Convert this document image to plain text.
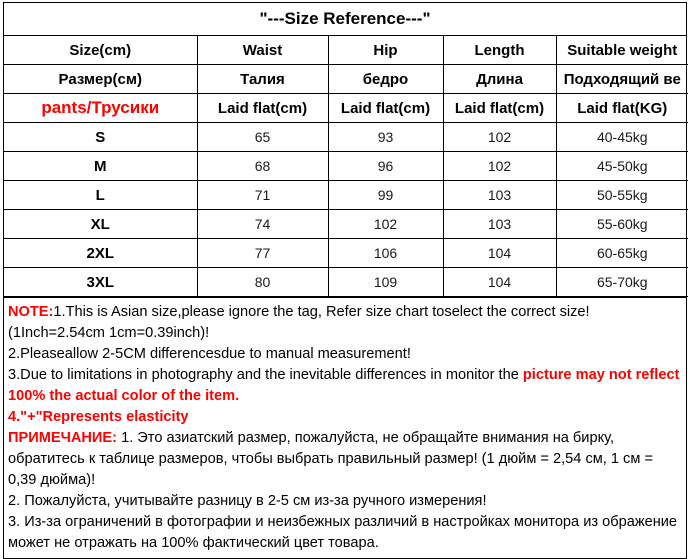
"---Size Reference---"
Size(cm)	Waist	Hip	Length	Suitable weight
Размер(см)	Талия	бедро	Длина	Подходящий ве
pants/Трусики	Laid flat(cm)	Laid flat(cm)	Laid flat(cm)	Laid flat(KG)
S	65	93	102	40-45kg
M	68	96	102	45-50kg
L	71	99	103	50-55kg
XL	74	102	103	55-60kg
2XL	77	106	104	60-65kg
3XL	80	109	104	65-70kg

NOTE:1.This is Asian size,please ignore the tag, Refer size chart toselect the correct size!(1Inch=2.54cm 1cm=0.39inch)!

2.Pleaseallow 2-5CM differencesdue to manual measurement!

3.Due to limitations in photography and the inevitable differences in monitor the picture may not reflect 100% the actual color of the item.

4."+"Represents elasticity

ПРИМЕЧАНИЕ: 1. Это азиатский размер, пожалуйста, не обращайте внимания на бирку, обратитесь к таблице размеров, чтобы выбрать правильный размер! (1 дюйм = 2,54 см, 1 см = 0,39 дюйма)!

2. Пожалуйста, учитывайте разницу в 2-5 см из-за ручного измерения!

3. Из-за ограничений в фотографии и неизбежных различий в настройках монитора из ображение может не отражать на 100% фактический цвет товара.
